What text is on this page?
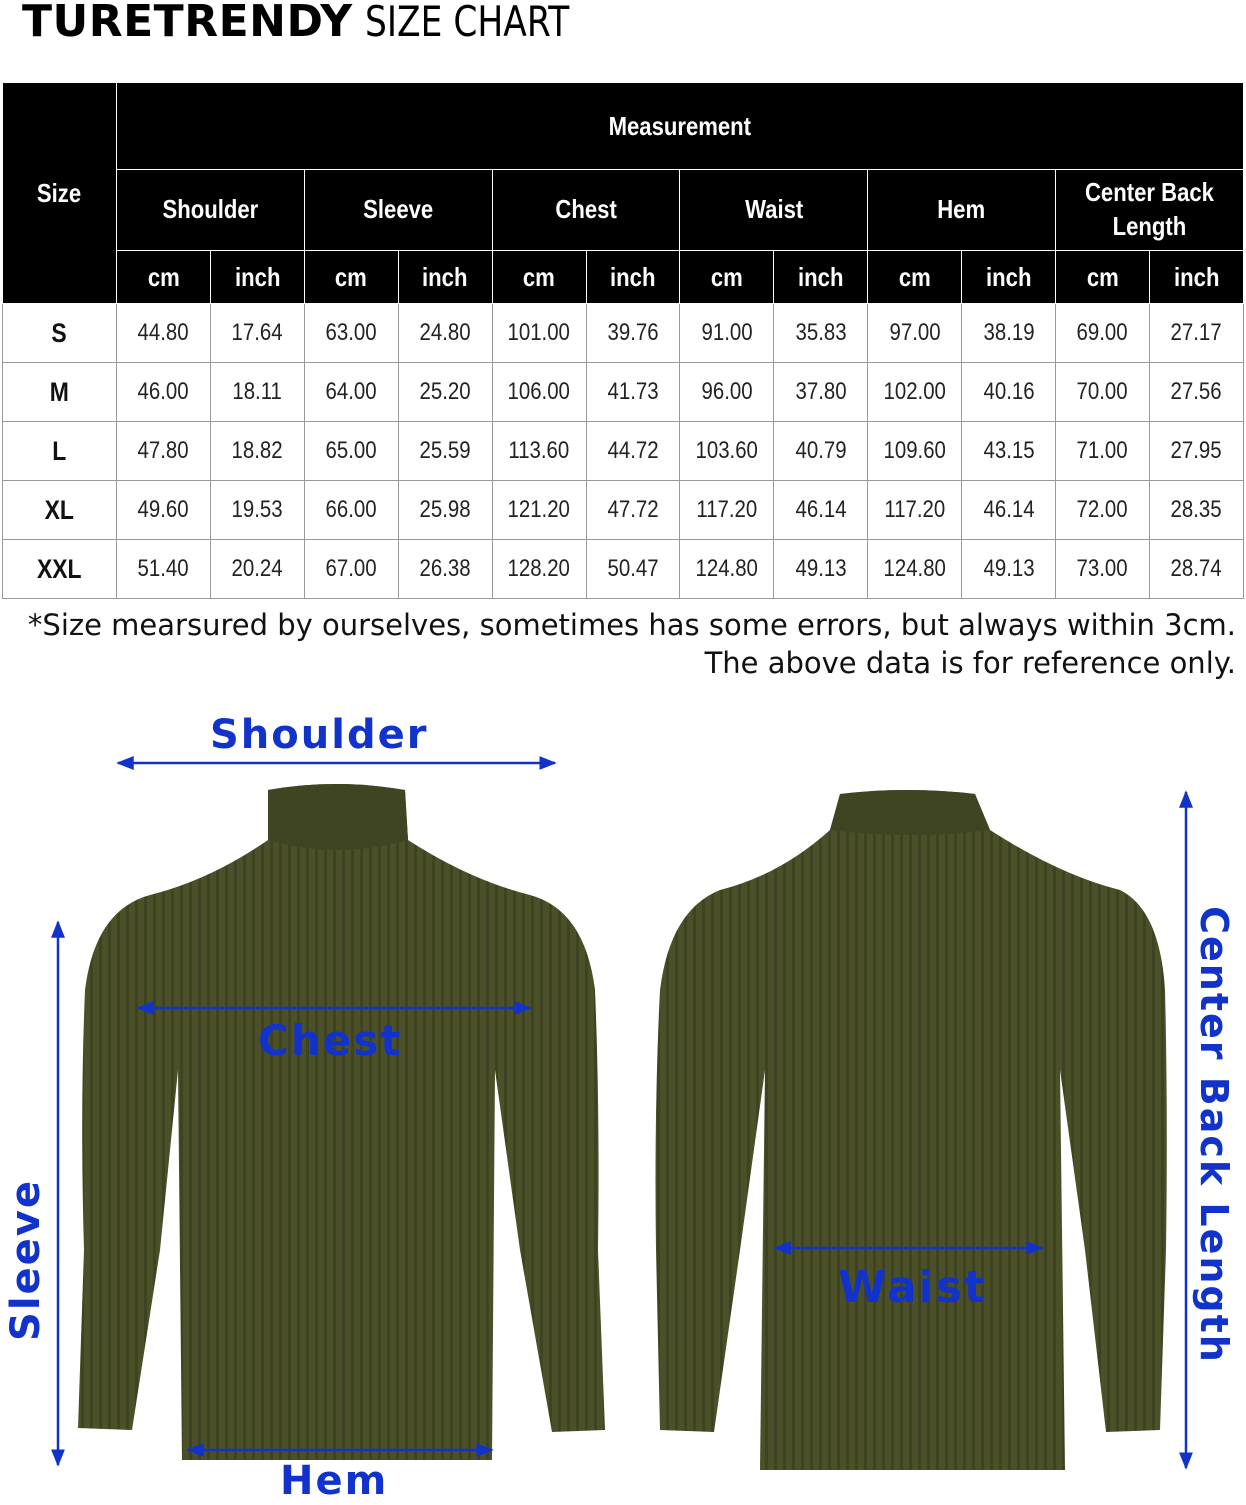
TURETRENDY SIZE CHART
Size	Measurement											
	Shoulder		Sleeve		Chest		Waist		Hem		Center Back Length	
	cm	inch	cm	inch	cm	inch	cm	inch	cm	inch	cm	inch
S	44.80	17.64	63.00	24.80	101.00	39.76	91.00	35.83	97.00	38.19	69.00	27.17
M	46.00	18.11	64.00	25.20	106.00	41.73	96.00	37.80	102.00	40.16	70.00	27.56
L	47.80	18.82	65.00	25.59	113.60	44.72	103.60	40.79	109.60	43.15	71.00	27.95
XL	49.60	19.53	66.00	25.98	121.20	47.72	117.20	46.14	117.20	46.14	72.00	28.35
XXL	51.40	20.24	67.00	26.38	128.20	50.47	124.80	49.13	124.80	49.13	73.00	28.74
*Size mearsured by ourselves, sometimes has some errors, but always within 3cm.
The above data is for reference only.
Shoulder
Chest
Hem
Waist
Sleeve	Center Back Length
